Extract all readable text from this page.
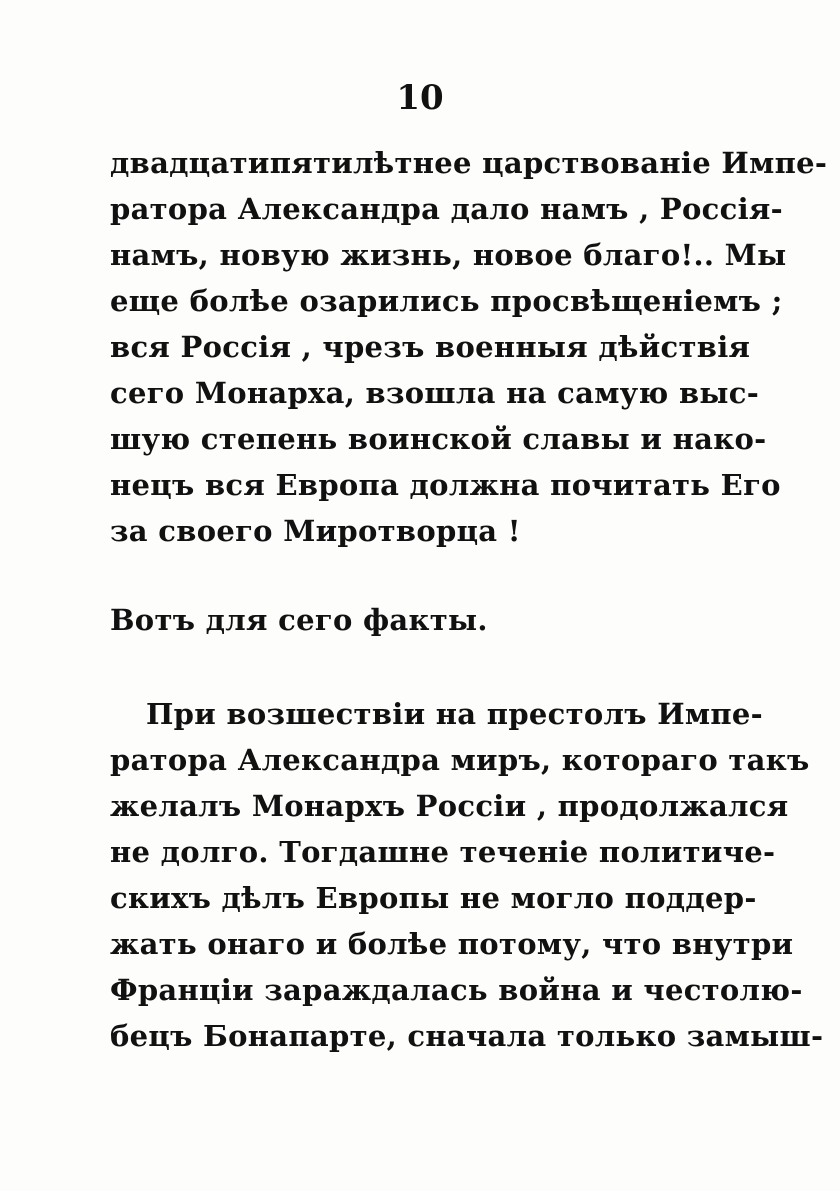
10
двадцатипятилѣтнее царствованіе Импе-
ратора Александра дало намъ , Россія-
намъ, новую жизнь, новое благо!.. Мы
еще болѣе озарились просвѣщеніемъ ;
вся Россія , чрезъ военныя дѣйствія
сего Монарха, взошла на самую выс-
шую степень воинской славы и нако-
нецъ вся Европа должна почитать Его
за своего Миротворца !
Вотъ для сего факты.
При возшествіи на престолъ Импе-
ратора Александра миръ, котораго такъ
желалъ Монархъ Россіи , продолжался
не долго. Тогдашне теченіе политиче-
скихъ дѣлъ Европы не могло поддер-
жать онаго и болѣе потому, что внутри
Франціи зараждалась война и честолю-
бецъ Бонапарте, сначала только замыш-
